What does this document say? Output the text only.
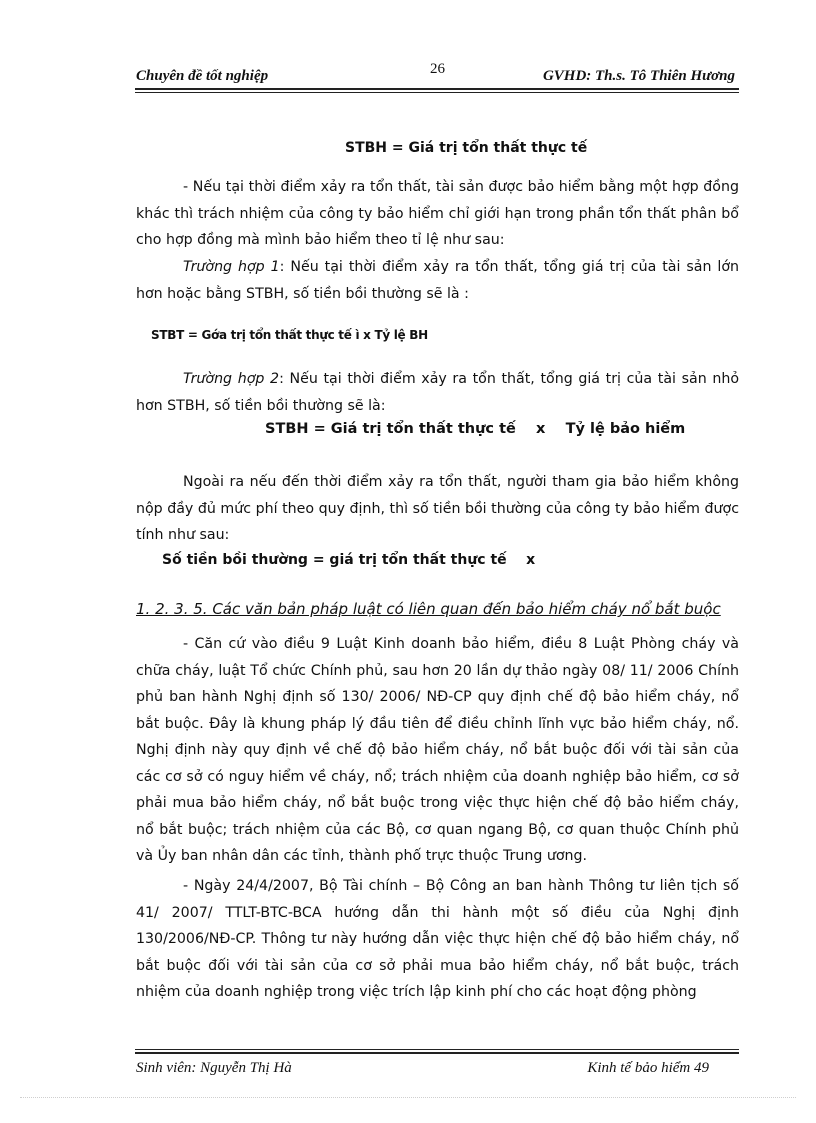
Chuyên đề tốt nghiệp	26	GVHD: Th.s. Tô Thiên Hương
STBH = Giá trị tổn thất thực tế
- Nếu tại thời điểm xảy ra tổn thất, tài sản được bảo hiểm bằng một hợp đồng khác thì trách nhiệm của công ty bảo hiểm chỉ giới hạn trong phần tổn thất phân bổ cho hợp đồng mà mình bảo hiểm theo tỉ lệ như sau:
Trường hợp 1: Nếu tại thời điểm xảy ra tổn thất, tổng giá trị của tài sản lớn hơn hoặc bằng STBH, số tiền bồi thường sẽ là :
STBT = Gớa trị tổn thất thực tế ì x Tỷ lệ BH
Trường hợp 2: Nếu tại thời điểm xảy ra tổn thất, tổng giá trị của tài sản nhỏ hơn STBH, số tiền bồi thường sẽ là:
STBH = Giá trị tổn thất thực tế    x    Tỷ lệ bảo hiểm
Ngoài ra nếu đến thời điểm xảy ra tổn thất, người tham gia bảo hiểm không nộp đầy đủ mức phí theo quy định, thì số tiền bồi thường của công ty bảo hiểm được tính như sau:
Số tiền bồi thường = giá trị tổn thất thực tế    x
1. 2. 3. 5. Các văn bản pháp luật có liên quan đến bảo hiểm cháy nổ bắt buộc
- Căn cứ vào điều 9 Luật Kinh doanh bảo hiểm, điều 8 Luật Phòng cháy và chữa cháy, luật Tổ chức Chính phủ, sau hơn 20 lần dự thảo ngày 08/ 11/ 2006 Chính phủ ban hành Nghị định số 130/ 2006/ NĐ-CP quy định chế độ bảo hiểm cháy, nổ bắt buộc. Đây là khung pháp lý đầu tiên để điều chỉnh lĩnh vực bảo hiểm cháy, nổ. Nghị định này quy định về chế độ bảo hiểm cháy, nổ bắt buộc đối với tài sản của các cơ sở có nguy hiểm về cháy, nổ; trách nhiệm của doanh nghiệp bảo hiểm, cơ sở phải mua bảo hiểm cháy, nổ bắt buộc trong việc thực hiện chế độ bảo hiểm cháy, nổ bắt buộc; trách nhiệm của các Bộ, cơ quan ngang Bộ, cơ quan thuộc Chính phủ và Ủy ban nhân dân các tỉnh, thành phố trực thuộc Trung ương.
- Ngày 24/4/2007, Bộ Tài chính – Bộ Công an ban hành Thông tư liên tịch số 41/ 2007/ TTLT-BTC-BCA hướng dẫn thi hành một số điều của Nghị định 130/2006/NĐ-CP. Thông tư này hướng dẫn việc thực hiện chế độ bảo hiểm cháy, nổ bắt buộc đối với tài sản của cơ sở phải mua bảo hiểm cháy, nổ bắt buộc, trách nhiệm của doanh nghiệp trong việc trích lập kinh phí cho các hoạt động phòng
Sinh viên: Nguyễn Thị Hà	Kinh tế bảo hiểm 49
